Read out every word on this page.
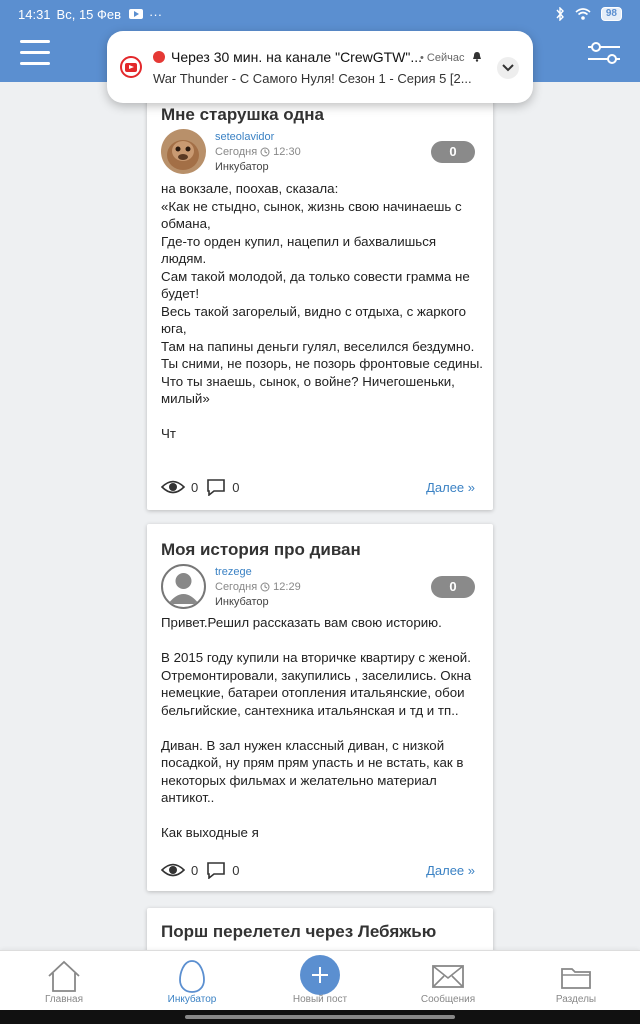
14:31 Вс, 15 Фев ···	98
Через 30 мин. на канале "CrewGTW"...
• Сейчас
War Thunder - С Самого Нуля! Сезон 1 - Серия 5 [2...
Мне старушка одна
seteolavidor
Сегодня 12:30
Инкубатор
0
на вокзале, поохав, сказала:
«Как не стыдно, сынок, жизнь свою начинаешь с обмана,
Где-то орден купил, нацепил и бахвалишься людям.
Сам такой молодой, да только совести грамма не будет!
Весь такой загорелый, видно с отдыха, с жаркого юга,
Там на папины деньги гулял, веселился бездумно.
Ты сними, не позорь, не позорь фронтовые седины.
Что ты знаешь, сынок, о войне? Ничегошеньки, милый»

Чт
0	0	Далее »
Моя история про диван
trezege
Сегодня 12:29
Инкубатор
0
Привет.Решил рассказать вам свою историю.

В 2015 году купили на вторичке квартиру с женой. Отремонтировали, закупились , заселились. Окна немецкие, батареи отопления итальянские, обои бельгийские, сантехника итальянская и тд и тп..

Диван. В зал нужен классный диван, с низкой посадкой, ну прям прям упасть и не встать, как в некоторых фильмах и желательно материал антикот..

Как выходные я
0	0	Далее »
Порш перелетел через Лебяжью
Главная	Инкубатор	Новый пост	Сообщения	Разделы
